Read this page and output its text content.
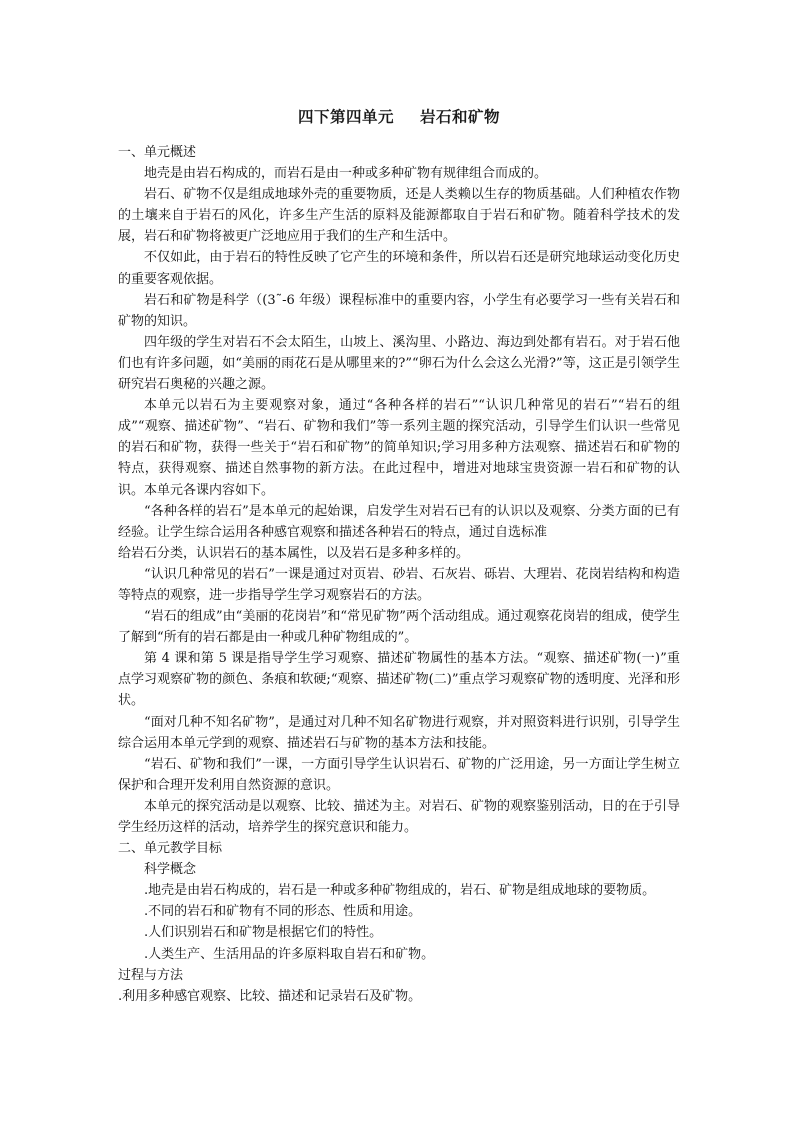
四下第四单元 岩石和矿物
一、单元概述

地壳是由岩石构成的，而岩石是由一种或多种矿物有规律组合而成的。

岩石、矿物不仅是组成地球外壳的重要物质，还是人类赖以生存的物质基础。人们种植农作物的土壤来自于岩石的风化，许多生产生活的原料及能源都取自于岩石和矿物。随着科学技术的发展，岩石和矿物将被更广泛地应用于我们的生产和生活中。

不仅如此，由于岩石的特性反映了它产生的环境和条件，所以岩石还是研究地球运动变化历史的重要客观依据。

岩石和矿物是科学（(3˜-6 年级）课程标准中的重要内容，小学生有必要学习一些有关岩石和矿物的知识。

四年级的学生对岩石不会太陌生，山坡上、溪沟里、小路边、海边到处都有岩石。对于岩石他们也有许多问题，如“美丽的雨花石是从哪里来的?”“卵石为什么会这么光滑?”等，这正是引领学生研究岩石奥秘的兴趣之源。

本单元以岩石为主要观察对象，通过“各种各样的岩石”“认识几种常见的岩石”“岩石的组成”“观察、描述矿物”、“岩石、矿物和我们”等一系列主题的探究活动，引导学生们认识一些常见的岩石和矿物，获得一些关于“岩石和矿物”的简单知识;学习用多种方法观察、描述岩石和矿物的特点，获得观察、描述自然事物的新方法。在此过程中，增进对地球宝贵资源一岩石和矿物的认识。本单元各课内容如下。

“各种各样的岩石”是本单元的起始课，启发学生对岩石已有的认识以及观察、分类方面的已有经验。让学生综合运用各种感官观察和描述各种岩石的特点，通过自选标准

给岩石分类，认识岩石的基本属性，以及岩石是多种多样的。

“认识几种常见的岩石”一课是通过对页岩、砂岩、石灰岩、砾岩、大理岩、花岗岩结构和构造等特点的观察，进一步指导学生学习观察岩石的方法。

“岩石的组成”由“美丽的花岗岩”和“常见矿物”两个活动组成。通过观察花岗岩的组成，使学生了解到“所有的岩石都是由一种或几种矿物组成的”。

第 4 课和第 5 课是指导学生学习观察、描述矿物属性的基本方法。“观察、描述矿物(一)”重点学习观察矿物的颜色、条痕和软硬;“观察、描述矿物(二)”重点学习观察矿物的透明度、光泽和形状。

“面对几种不知名矿物”，是通过对几种不知名矿物进行观察，并对照资料进行识别，引导学生综合运用本单元学到的观察、描述岩石与矿物的基本方法和技能。

“岩石、矿物和我们”一课，一方面引导学生认识岩石、矿物的广泛用途，另一方面让学生树立保护和合理开发利用自然资源的意识。

本单元的探究活动是以观察、比较、描述为主。对岩石、矿物的观察鉴别活动，日的在于引导学生经历这样的活动，培养学生的探究意识和能力。

二、单元教学目标
科学概念

.地壳是由岩石构成的，岩石是一种或多种矿物组成的，岩石、矿物是组成地球的要物质。

.不同的岩石和矿物有不同的形态、性质和用途。

.人们识别岩石和矿物是根据它们的特性。

.人类生产、生活用品的许多原料取自岩石和矿物。

过程与方法

.利用多种感官观察、比较、描述和记录岩石及矿物。
